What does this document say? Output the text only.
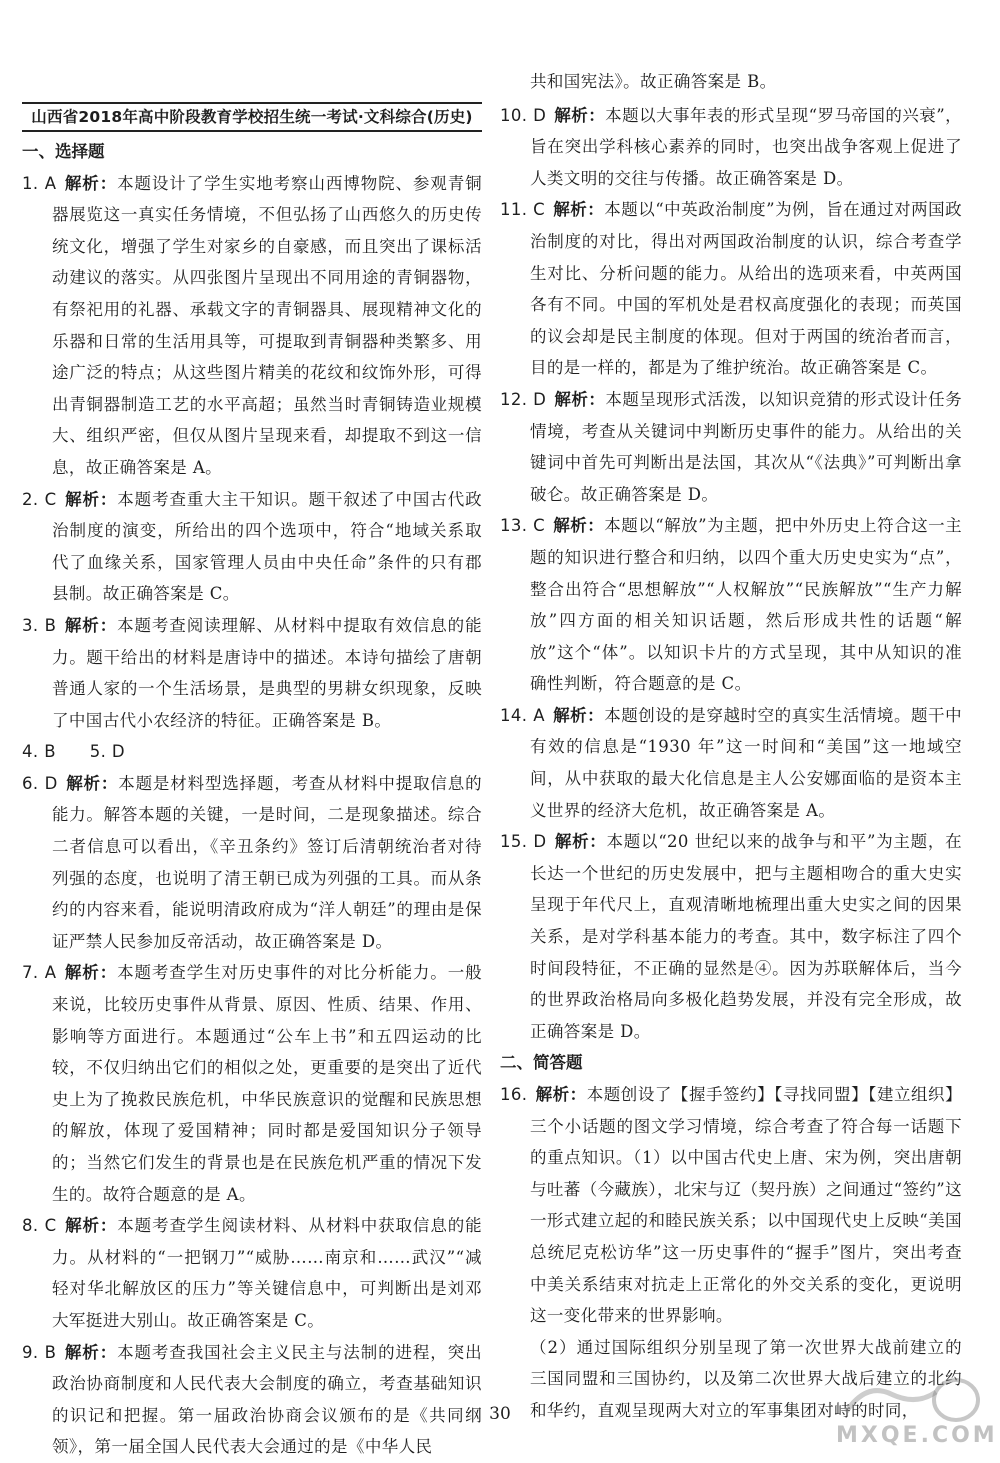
山西省2018年高中阶段教育学校招生统一考试·文科综合(历史)

一、选择题

1. A 解析：本题设计了学生实地考察山西博物院、参观青铜器展览这一真实任务情境，不但弘扬了山西悠久的历史传统文化，增强了学生对家乡的自豪感，而且突出了课标活动建议的落实。从四张图片呈现出不同用途的青铜器物，有祭祀用的礼器、承载文字的青铜器具、展现精神文化的乐器和日常的生活用具等，可提取到青铜器种类繁多、用途广泛的特点；从这些图片精美的花纹和纹饰外形，可得出青铜器制造工艺的水平高超；虽然当时青铜铸造业规模大、组织严密，但仅从图片呈现来看，却提取不到这一信息，故正确答案是 A。

2. C 解析：本题考查重大主干知识。题干叙述了中国古代政治制度的演变，所给出的四个选项中，符合“地域关系取代了血缘关系，国家管理人员由中央任命”条件的只有郡县制。故正确答案是 C。

3. B 解析：本题考查阅读理解、从材料中提取有效信息的能力。题干给出的材料是唐诗中的描述。本诗句描绘了唐朝普通人家的一个生活场景，是典型的男耕女织现象，反映了中国古代小农经济的特征。正确答案是 B。

4. B　　5. D

6. D 解析：本题是材料型选择题，考查从材料中提取信息的能力。解答本题的关键，一是时间，二是现象描述。综合二者信息可以看出，《辛丑条约》签订后清朝统治者对待列强的态度，也说明了清王朝已成为列强的工具。而从条约的内容来看，能说明清政府成为“洋人朝廷”的理由是保证严禁人民参加反帝活动，故正确答案是 D。

7. A 解析：本题考查学生对历史事件的对比分析能力。一般来说，比较历史事件从背景、原因、性质、结果、作用、影响等方面进行。本题通过“公车上书”和五四运动的比较，不仅归纳出它们的相似之处，更重要的是突出了近代史上为了挽救民族危机，中华民族意识的觉醒和民族思想的解放，体现了爱国精神；同时都是爱国知识分子领导的；当然它们发生的背景也是在民族危机严重的情况下发生的。故符合题意的是 A。

8. C 解析：本题考查学生阅读材料、从材料中获取信息的能力。从材料的“一把钢刀”“威胁……南京和……武汉”“减轻对华北解放区的压力”等关键信息中，可判断出是刘邓大军挺进大别山。故正确答案是 C。

9. B 解析：本题考查我国社会主义民主与法制的进程，突出政治协商制度和人民代表大会制度的确立，考查基础知识的识记和把握。第一届政治协商会议颁布的是《共同纲领》，第一届全国人民代表大会通过的是《中华人民

共和国宪法》。故正确答案是 B。

10. D 解析：本题以大事年表的形式呈现“罗马帝国的兴衰”，旨在突出学科核心素养的同时，也突出战争客观上促进了人类文明的交往与传播。故正确答案是 D。

11. C 解析：本题以“中英政治制度”为例，旨在通过对两国政治制度的对比，得出对两国政治制度的认识，综合考查学生对比、分析问题的能力。从给出的选项来看，中英两国各有不同。中国的军机处是君权高度强化的表现；而英国的议会却是民主制度的体现。但对于两国的统治者而言，目的是一样的，都是为了维护统治。故正确答案是 C。

12. D 解析：本题呈现形式活泼，以知识竞猜的形式设计任务情境，考查从关键词中判断历史事件的能力。从给出的关键词中首先可判断出是法国，其次从“《法典》”可判断出拿破仑。故正确答案是 D。

13. C 解析：本题以“解放”为主题，把中外历史上符合这一主题的知识进行整合和归纳，以四个重大历史史实为“点”，整合出符合“思想解放”“人权解放”“民族解放”“生产力解放”四方面的相关知识话题，然后形成共性的话题“解放”这个“体”。以知识卡片的方式呈现，其中从知识的准确性判断，符合题意的是 C。

14. A 解析：本题创设的是穿越时空的真实生活情境。题干中有效的信息是“1930 年”这一时间和“美国”这一地域空间，从中获取的最大化信息是主人公安娜面临的是资本主义世界的经济大危机，故正确答案是 A。

15. D 解析：本题以“20 世纪以来的战争与和平”为主题，在长达一个世纪的历史发展中，把与主题相吻合的重大史实呈现于年代尺上，直观清晰地梳理出重大史实之间的因果关系，是对学科基本能力的考查。其中，数字标注了四个时间段特征，不正确的显然是④。因为苏联解体后，当今的世界政治格局向多极化趋势发展，并没有完全形成，故正确答案是 D。

二、简答题

16. 解析：本题创设了【握手签约】【寻找同盟】【建立组织】三个小话题的图文学习情境，综合考查了符合每一话题下的重点知识。（1）以中国古代史上唐、宋为例，突出唐朝与吐蕃（今藏族），北宋与辽（契丹族）之间通过“签约”这一形式建立起的和睦民族关系；以中国现代史上反映“美国总统尼克松访华”这一历史事件的“握手”图片，突出考查中美关系结束对抗走上正常化的外交关系的变化，更说明这一变化带来的世界影响。

（2）通过国际组织分别呈现了第一次世界大战前建立的三国同盟和三国协约，以及第二次世界大战后建立的北约和华约，直观呈现两大对立的军事集团对峙的时同，

30
MXQE.COM
